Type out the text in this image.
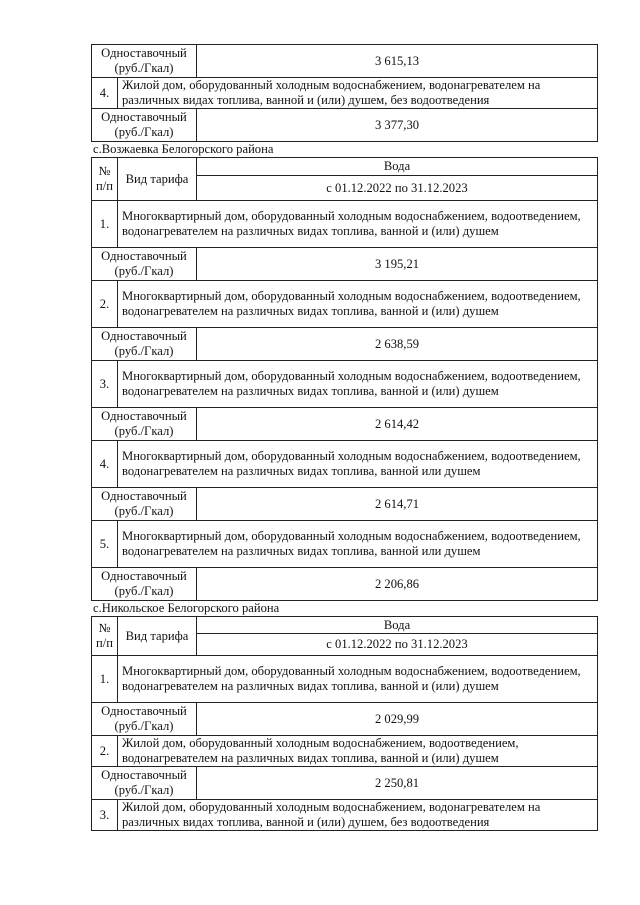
Одноставочный (руб./Гкал)		3 615,13
4.	Жилой дом, оборудованный холодным водоснабжением, водонагревателем на различных видах топлива, ванной и (или) душем, без водоотведения	
Одноставочный (руб./Гкал)		3 377,30

с.Возжаевка Белогорского района

№ п/п	Вид тарифа	Вода
		с 01.12.2022 по 31.12.2023
1.	Многоквартирный дом, оборудованный холодным водоснабжением, водоотведением, водонагревателем на различных видах топлива, ванной и (или) душем	
Одноставочный (руб./Гкал)		3 195,21
2.	Многоквартирный дом, оборудованный холодным водоснабжением, водоотведением, водонагревателем на различных видах топлива, ванной и (или) душем	
Одноставочный (руб./Гкал)		2 638,59
3.	Многоквартирный дом, оборудованный холодным водоснабжением, водоотведением, водонагревателем на различных видах топлива, ванной и (или) душем	
Одноставочный (руб./Гкал)		2 614,42
4.	Многоквартирный дом, оборудованный холодным водоснабжением, водоотведением, водонагревателем на различных видах топлива, ванной или душем	
Одноставочный (руб./Гкал)		2 614,71
5.	Многоквартирный дом, оборудованный холодным водоснабжением, водоотведением, водонагревателем на различных видах топлива, ванной или душем	
Одноставочный (руб./Гкал)		2 206,86

с.Никольское Белогорского района

№ п/п	Вид тарифа	Вода
		с 01.12.2022 по 31.12.2023
1.	Многоквартирный дом, оборудованный холодным водоснабжением, водоотведением, водонагревателем на различных видах топлива, ванной и (или) душем	
Одноставочный (руб./Гкал)		2 029,99
2.	Жилой дом, оборудованный холодным водоснабжением, водоотведением, водонагревателем на различных видах топлива, ванной и (или) душем	
Одноставочный (руб./Гкал)		2 250,81
3.	Жилой дом, оборудованный холодным водоснабжением, водонагревателем на различных видах топлива, ванной и (или) душем, без водоотведения	
